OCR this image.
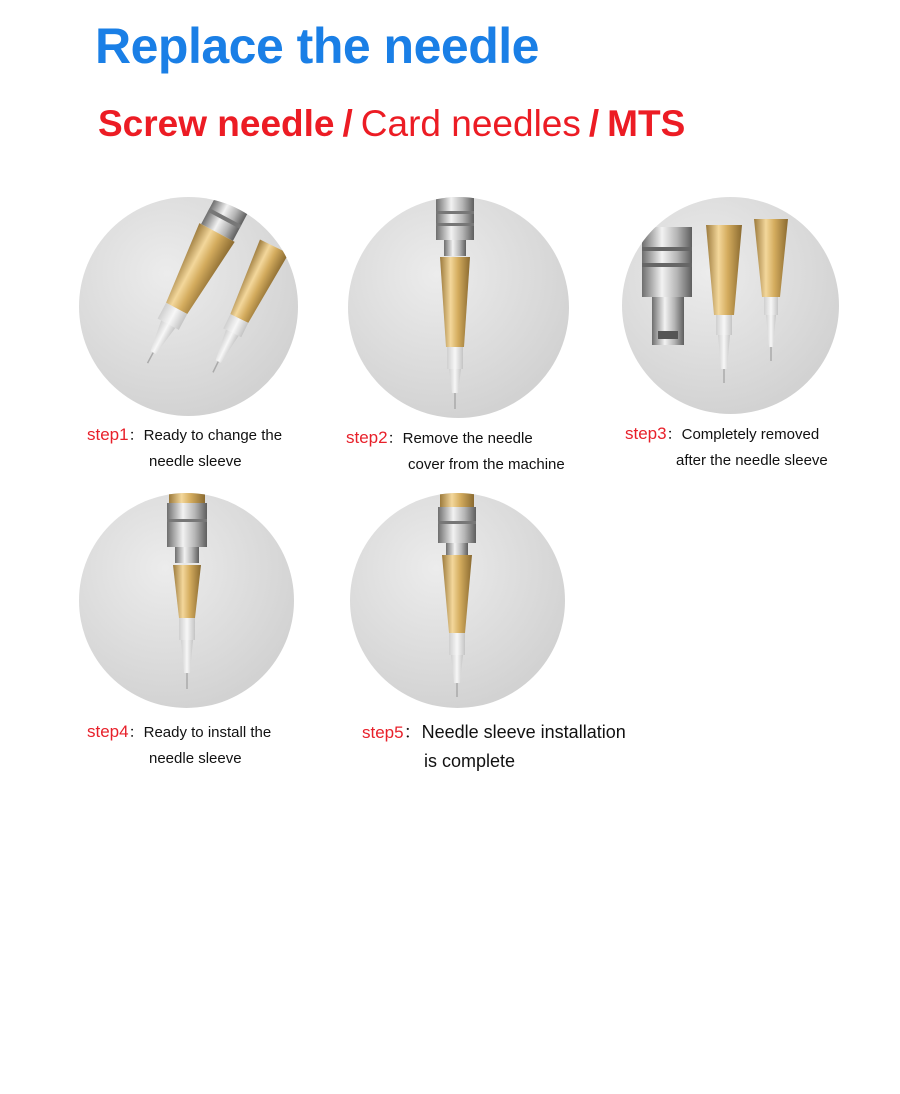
Replace the needle
Screw needle / Card needles / MTS
step1：Ready to change the
needle sleeve
step2：Remove the needle
cover from the machine
step3：Completely removed
after the needle sleeve
step4：Ready to install the
needle sleeve
step5：Needle sleeve installation
is complete
